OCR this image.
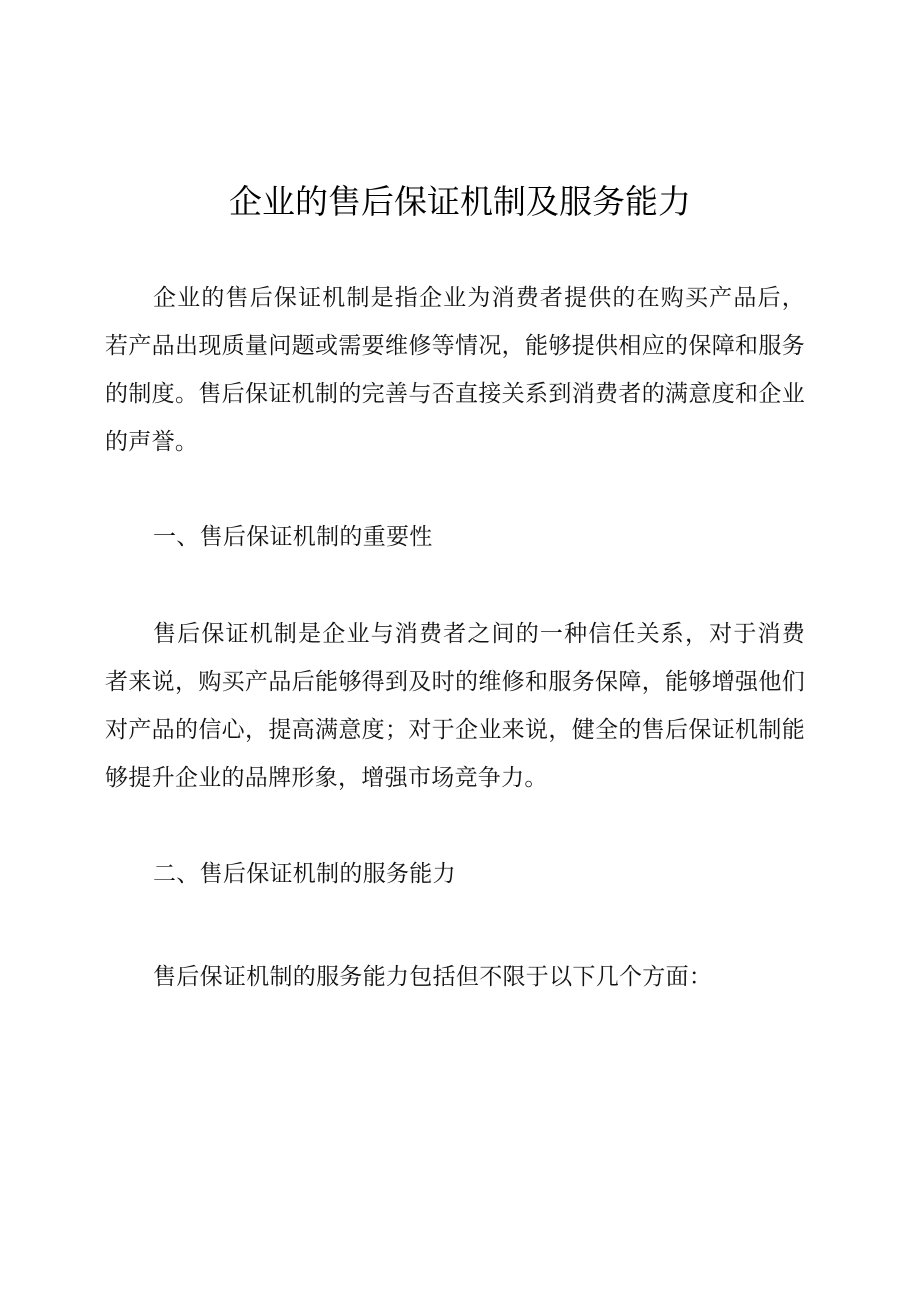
企业的售后保证机制及服务能力

企业的售后保证机制是指企业为消费者提供的在购买产品后，若产品出现质量问题或需要维修等情况，能够提供相应的保障和服务的制度。售后保证机制的完善与否直接关系到消费者的满意度和企业的声誉。

一、售后保证机制的重要性

售后保证机制是企业与消费者之间的一种信任关系，对于消费者来说，购买产品后能够得到及时的维修和服务保障，能够增强他们对产品的信心，提高满意度；对于企业来说，健全的售后保证机制能够提升企业的品牌形象，增强市场竞争力。

二、售后保证机制的服务能力

售后保证机制的服务能力包括但不限于以下几个方面：
